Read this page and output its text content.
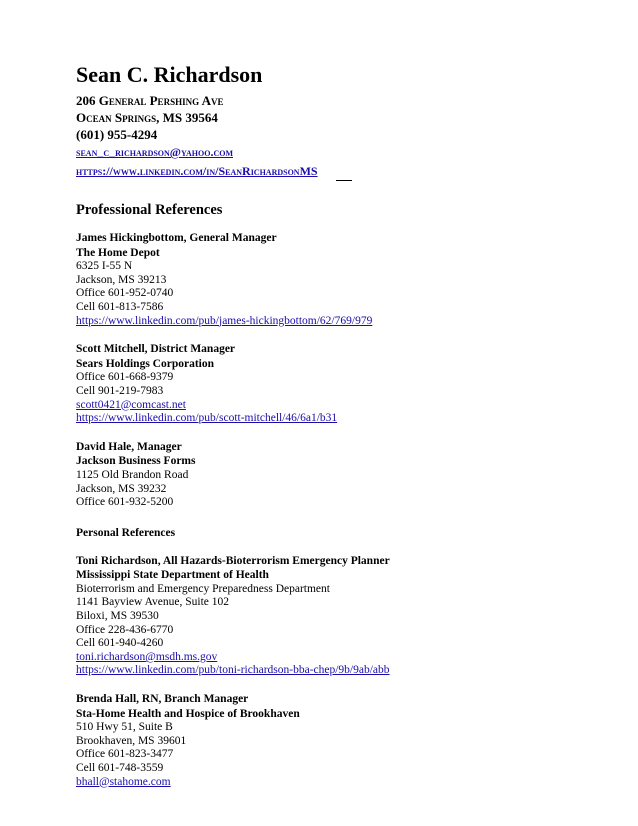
Sean C. Richardson
206 General Pershing Ave
Ocean Springs, MS 39564
(601) 955-4294
sean_c_richardson@yahoo.com
https://www.linkedin.com/in/SeanRichardsonMS
Professional References
James Hickingbottom, General Manager
The Home Depot
6325 I-55 N
Jackson, MS 39213
Office 601-952-0740
Cell 601-813-7586
https://www.linkedin.com/pub/james-hickingbottom/62/769/979
Scott Mitchell, District Manager
Sears Holdings Corporation
Office 601-668-9379
Cell 901-219-7983
scott0421@comcast.net
https://www.linkedin.com/pub/scott-mitchell/46/6a1/b31
David Hale, Manager
Jackson Business Forms
1125 Old Brandon Road
Jackson, MS 39232
Office 601-932-5200
Personal References
Toni Richardson, All Hazards-Bioterrorism Emergency Planner
Mississippi State Department of Health
Bioterrorism and Emergency Preparedness Department
1141 Bayview Avenue, Suite 102
Biloxi, MS 39530
Office 228-436-6770
Cell 601-940-4260
toni.richardson@msdh.ms.gov
https://www.linkedin.com/pub/toni-richardson-bba-chep/9b/9ab/abb
Brenda Hall, RN, Branch Manager
Sta-Home Health and Hospice of Brookhaven
510 Hwy 51, Suite B
Brookhaven, MS 39601
Office 601-823-3477
Cell 601-748-3559
bhall@stahome.com
